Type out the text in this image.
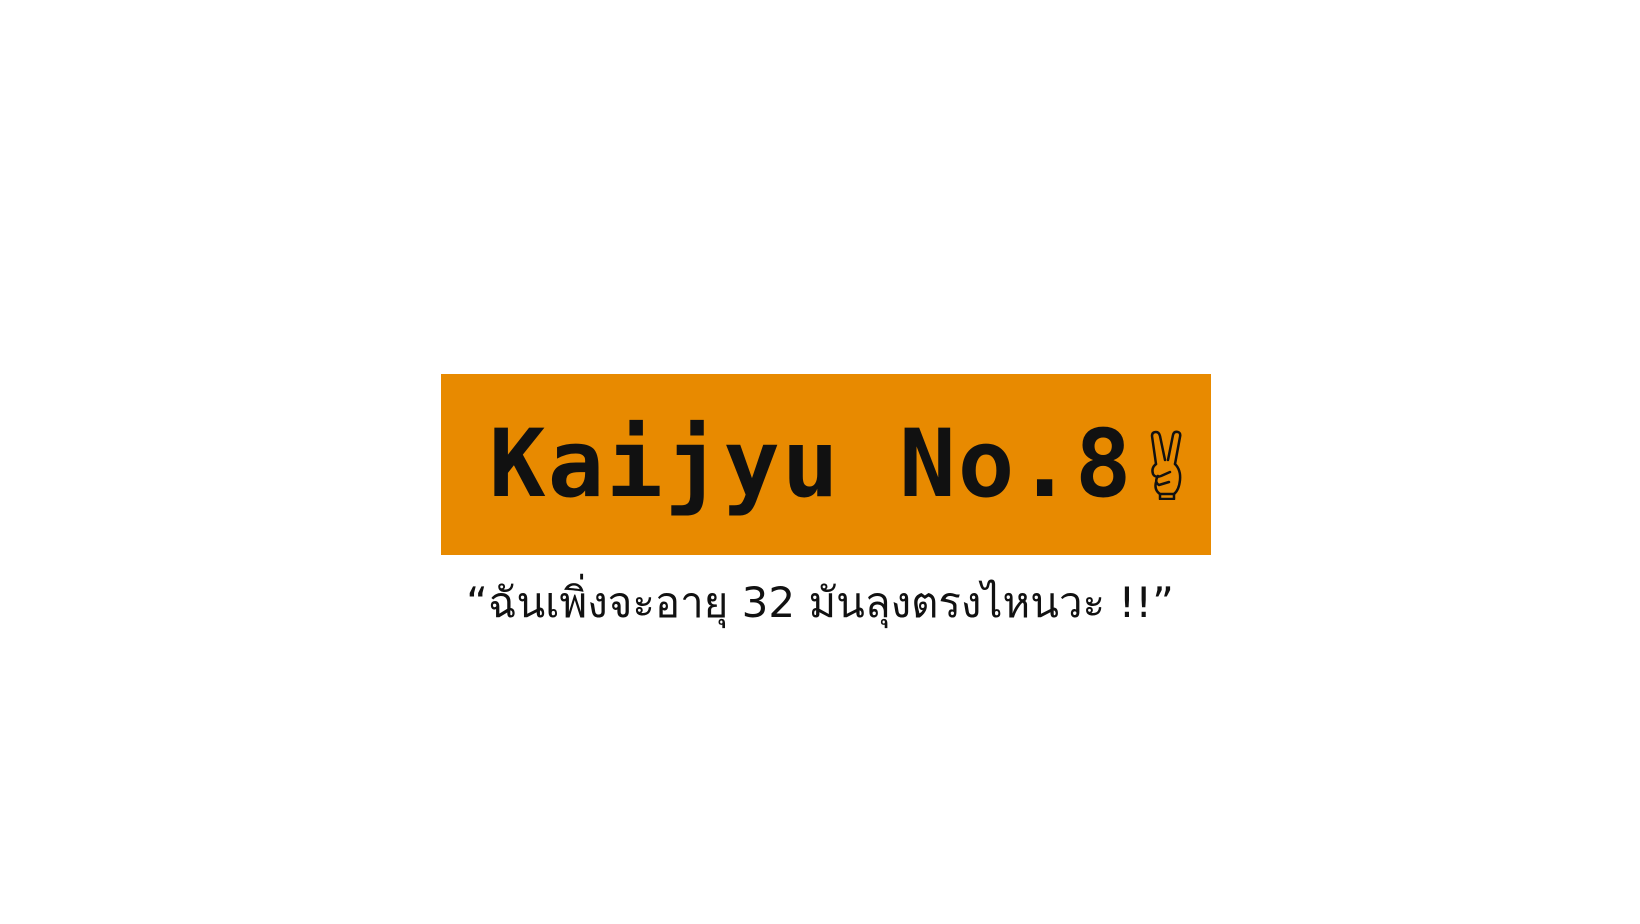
Kaijyu No.8
“ฉันเพิ่งจะอายุ 32 มันลุงตรงไหนวะ !!”
